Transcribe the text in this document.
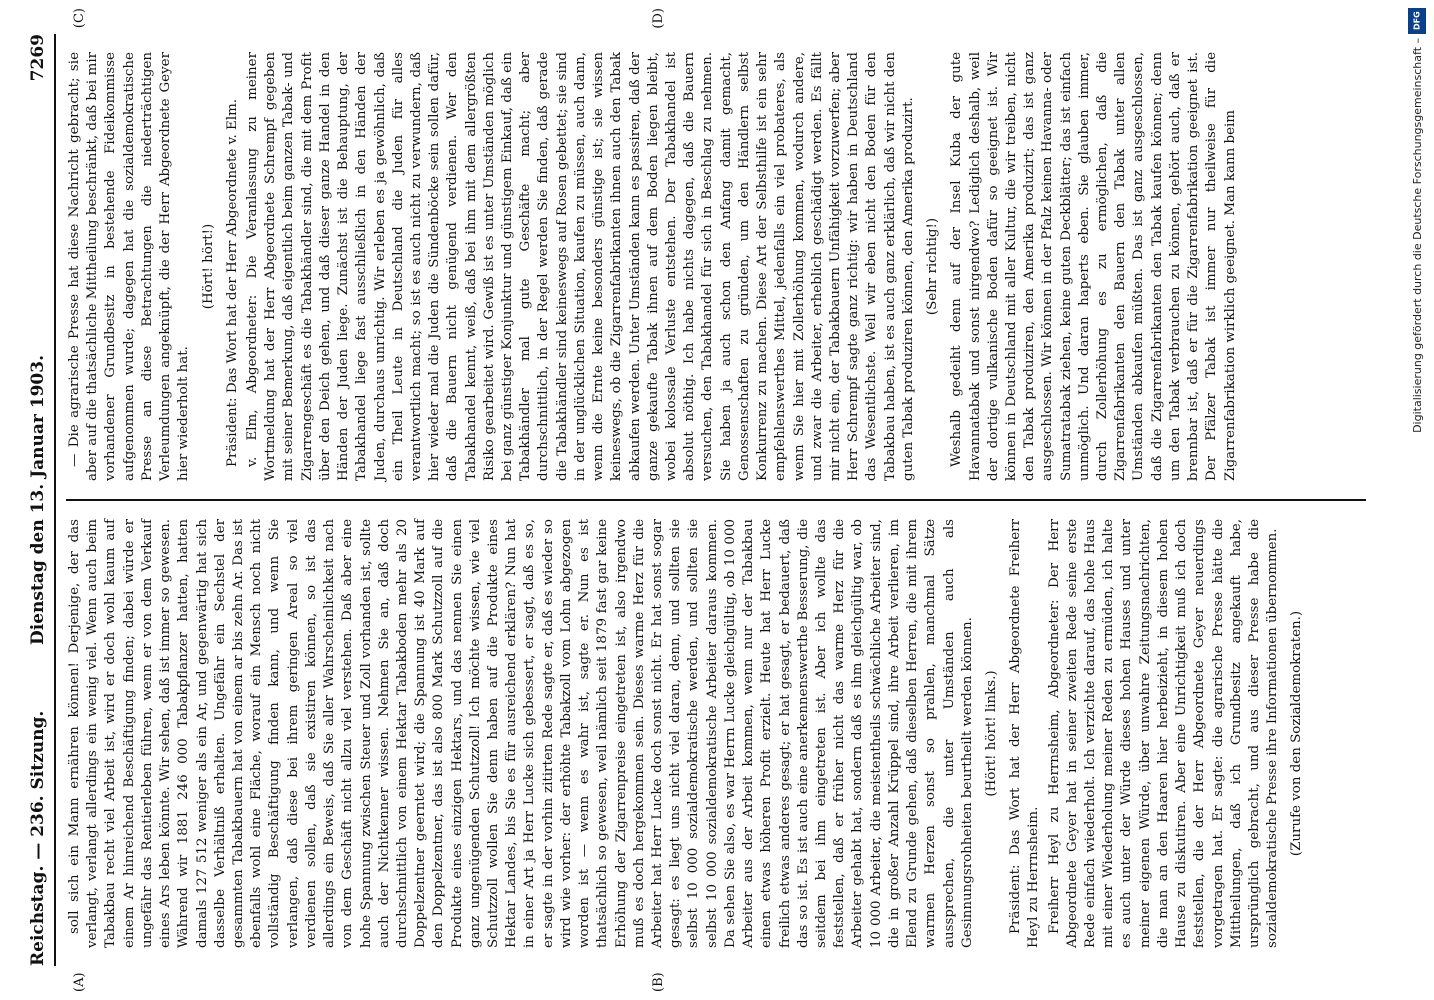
Reichstag. — 236. Sitzung.
Dienstag den 13. Januar 1903.
7269
(A)	(B)
(C)	(D)

soll sich ein Mann ernähren können! Derjenige, der das verlangt, verlangt allerdings ein wenig viel. Wenn auch beim Tabakbau recht viel Arbeit ist, wird er doch wohl kaum auf einem Ar hinreichend Beschäftigung finden; dabei würde er ungefähr das Rentierleben führen, wenn er von dem Verkauf eines Ars leben könnte. Wir sehen, daß ist immer so gewesen. Während wir 1881 246 000 Tabakpflanzer hatten, hatten damals 127 512 weniger als ein Ar, und gegenwärtig hat sich dasselbe Verhältniß erhalten. Ungefähr ein Sechstel der gesammten Tabakbauern hat von einem ar bis zehn Ar. Das ist ebenfalls wohl eine Fläche, worauf ein Mensch noch nicht vollständig Beschäftigung finden kann, und wenn Sie verlangen, daß diese bei ihrem geringen Areal so viel verdienen sollen, daß sie existiren können, so ist das allerdings ein Beweis, daß Sie aller Wahrscheinlichkeit nach von dem Geschäft nicht allzu viel verstehen. Daß aber eine hohe Spannung zwischen Steuer und Zoll vorhanden ist, sollte auch der Nichtkenner wissen. Nehmen Sie an, daß doch durchschnittlich von einem Hektar Tabakboden mehr als 20 Doppelzentner geerntet wird; die Spannung ist 40 Mark auf den Doppelzentner, das ist also 800 Mark Schutzzoll auf die Produkte eines einzigen Hektars, und das nennen Sie einen ganz ungenügenden Schutzzoll! Ich möchte wissen, wie viel Schutzzoll wollen Sie denn haben auf die Produkte eines Hektar Landes, bis Sie es für ausreichend erklären? Nun hat in einer Art ja Herr Lucke sich gebessert, er sagt, daß es so, er sagte in der vorhin zitirten Rede sagte er, daß es wieder so wird wie vorher: der erhöhte Tabakzoll vom Lohn abgezogen worden ist — wenn es wahr ist, sagte er. Nun es ist thatsächlich so gewesen, weil nämlich seit 1879 fast gar keine Erhöhung der Zigarrenpreise eingetreten ist, also irgendwo muß es doch hergekommen sein. Dieses warme Herz für die Arbeiter hat Herr Lucke doch sonst nicht. Er hat sonst sogar gesagt: es liegt uns nicht viel daran, denn, und sollten sie selbst 10 000 sozialdemokratische werden, und sollten sie selbst 10 000 sozialdemokratische Arbeiter daraus kommen. Da sehen Sie also, es war Herrn Lucke gleichgültig, ob 10 000 Arbeiter aus der Arbeit kommen, wenn nur der Tabakbau einen etwas höheren Profit erzielt. Heute hat Herr Lucke freilich etwas anderes gesagt; er hat gesagt, er bedauert, daß das so ist. Es ist auch eine anerkennenswerthe Besserung, die seitdem bei ihm eingetreten ist. Aber ich wollte das feststellen, daß er früher nicht das warme Herz für die Arbeiter gehabt hat, sondern daß es ihm gleichgültig war, ob 10 000 Arbeiter, die meistentheils schwächliche Arbeiter sind, die in großer Anzahl Krüppel sind, ihre Arbeit verlieren, im Elend zu Grunde gehen, daß dieselben Herren, die mit ihrem warmen Herzen sonst so prahlen, manchmal Sätze aussprechen, die unter Umständen auch als Gesinnungsrohheiten beurtheilt werden können. (Hört! hört! links.) Präsident: Das Wort hat der Herr Abgeordnete Freiherr Heyl zu Herrnsheim. Freiherr Heyl zu Herrnsheim, Abgeordneter: Der Herr Abgeordnete Geyer hat in seiner zweiten Rede seine erste Rede einfach wiederholt. Ich verzichte darauf, das hohe Haus mit einer Wiederholung meiner Reden zu ermüden, ich halte es auch unter der Würde dieses hohen Hauses und unter meiner eigenen Würde, über unwahre Zeitungsnachrichten, die man an den Haaren hier herbeizieht, in diesem hohen Hause zu diskutiren. Aber eine Unrichtigkeit muß ich doch feststellen, die der Herr Abgeordnete Geyer neuerdings vorgetragen hat. Er sagte: die agrarische Presse hätte die Mittheilungen, daß ich Grundbesitz angekauft habe, ursprünglich gebracht, und aus dieser Presse habe die sozialdemokratische Presse ihre Informationen übernommen. (Zurufe von den Sozialdemokraten.)

— Die agrarische Presse hat diese Nachricht gebracht; sie aber auf die thatsächliche Mittheilung beschränkt, daß bei mir vorhandener Grundbesitz in bestehende Fideikommisse aufgenommen wurde; dagegen hat die sozialdemokratische Presse an diese Betrachtungen die niederträchtigen Verleumdungen angeknüpft, die der Herr Abgeordnete Geyer hier wiederholt hat.

(Hört! hört!) Präsident: Das Wort hat der Herr Abgeordnete v. Elm. v. Elm, Abgeordneter: Die Veranlassung zu meiner Wortmeldung hat der Herr Abgeordnete Schrempf gegeben mit seiner Bemerkung, daß eigentlich beim ganzen Tabak- und Zigarrengeschäft es die Tabakhändler sind, die mit dem Profit über den Deich gehen, und daß dieser ganze Handel in den Händen der Juden liege. Zunächst ist die Behauptung, der Tabakhandel liege fast ausschließlich in den Händen der Juden, durchaus unrichtig. Wir erleben es ja gewöhnlich, daß ein Theil Leute in Deutschland die Juden für alles verantwortlich macht; so ist es auch nicht zu verwundern, daß hier wieder mal die Juden die Sündenböcke sein sollen dafür, daß die Bauern nicht genügend verdienen. Wer den Tabakhandel kennt, weiß, daß bei ihm mit dem allergrößten Risiko gearbeitet wird. Gewiß ist es unter Umständen möglich bei ganz günstiger Konjunktur und günstigem Einkauf, daß ein Tabakhändler mal gute Geschäfte macht; aber durchschnittlich, in der Regel werden Sie finden, daß gerade die Tabakhändler sind keineswegs auf Rosen gebettet; sie sind in der unglücklichen Situation, kaufen zu müssen, auch dann, wenn die Ernte keine besonders günstige ist; sie wissen keineswegs, ob die Zigarrenfabrikanten ihnen auch den Tabak abkaufen werden. Unter Umständen kann es passiren, daß der ganze gekaufte Tabak ihnen auf dem Boden liegen bleibt, wobei kolossale Verluste entstehen. Der Tabakhandel ist absolut nöthig. Ich habe nichts dagegen, daß die Bauern versuchen, den Tabakhandel für sich in Beschlag zu nehmen. Sie haben ja auch schon den Anfang damit gemacht, Genossenschaften zu gründen, um den Händlern selbst Konkurrenz zu machen. Diese Art der Selbsthilfe ist ein sehr empfehlenswerthes Mittel, jedenfalls ein viel probateres, als wenn Sie hier mit Zollerhöhung kommen, wodurch andere, und zwar die Arbeiter, erheblich geschädigt werden. Es fällt mir nicht ein, der Tabakbauern Unfähigkeit vorzuwerfen; aber Herr Schrempf sagte ganz richtig: wir haben in Deutschland das Wesentlichste. Weil wir eben nicht den Boden für den Tabakbau haben, ist es auch ganz erklärlich, daß wir nicht den guten Tabak produziren können, den Amerika produzirt. (Sehr richtig!) Weshalb gedeiht denn auf der Insel Kuba der gute Havannatabak und sonst nirgendwo? Lediglich deshalb, weil der dortige vulkanische Boden dafür so geeignet ist. Wir können in Deutschland mit aller Kultur, die wir treiben, nicht den Tabak produziren, den Amerika produzirt; das ist ganz ausgeschlossen. Wir können in der Pfalz keinen Havanna- oder Sumatratabak ziehen, keine guten Deckblätter; das ist einfach unmöglich. Und daran haperts eben. Sie glauben immer, durch Zollerhöhung es zu ermöglichen, daß die Zigarrenfabrikanten den Bauern den Tabak unter allen Umständen abkaufen müßten. Das ist ganz ausgeschlossen, daß die Zigarrenfabrikanten den Tabak kaufen können; denn um den Tabak verbrauchen zu können, gehört auch, daß er brennbar ist, daß er für die Zigarrenfabrikation geeignet ist. Der Pfälzer Tabak ist immer nur theilweise für die Zigarrenfabrikation wirklich geeignet. Man kann beim

DFG
Digitalisierung gefördert durch die Deutsche Forschungsgemeinschaft –
